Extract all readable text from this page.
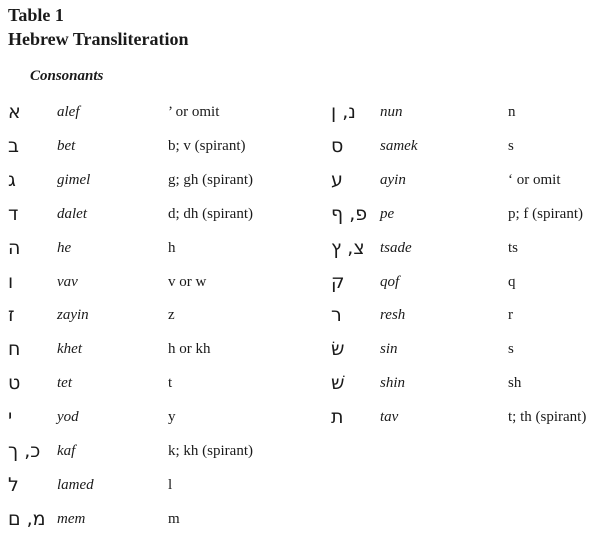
Table 1
Hebrew Transliteration
Consonants
א alef	’ or omit	נ, ן nun	n
ב	bet	b; v (spirant)	ס samek	s
ג	gimel	g; gh (spirant)	ע ayin	‘ or omit
ד	dalet	d; dh (spirant)	פ, ף pe	p; f (spirant)
ה he	h	צ, ץ tsade	ts
ו	vav	v or w	ק qof	q
ז	zayin	z	ר	resh	r
ח khet	h or kh	שׂ sin	s
ט tet	t	שׁ shin	sh
י	yod	y	ת tav	t; th (spirant)
כ, ך kaf	k; kh (spirant)
ל	lamed	l
מ, ם mem	m
